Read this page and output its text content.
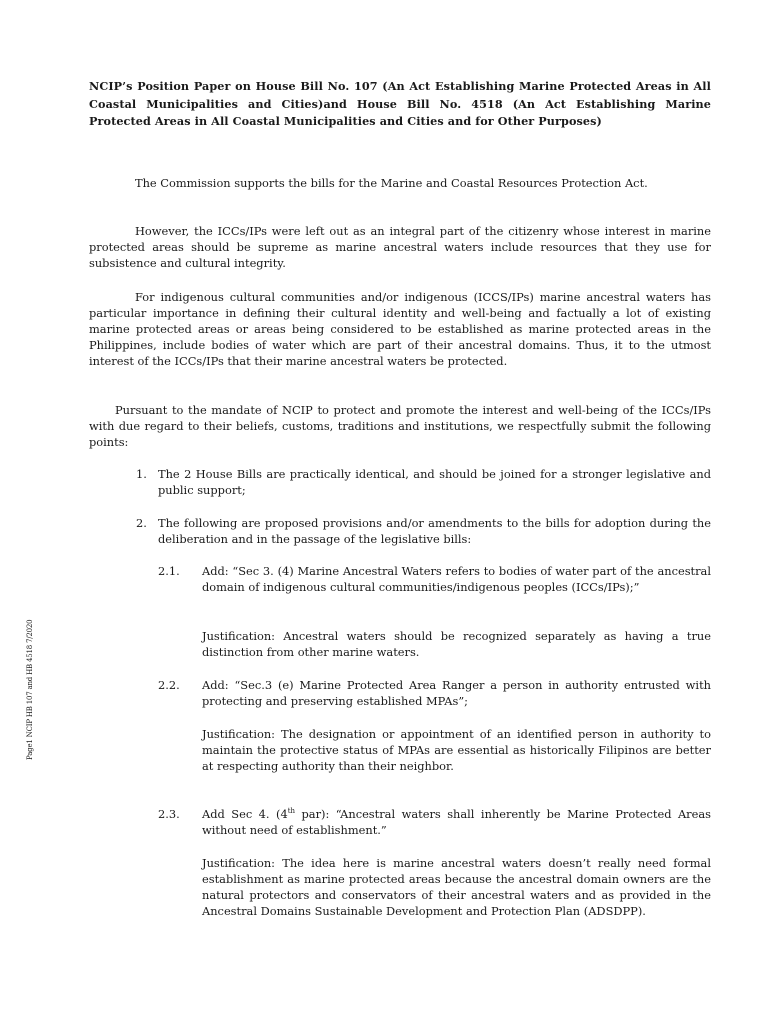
NCIP’s Position Paper on House Bill No. 107 (An Act Establishing Marine Protected Areas in All Coastal Municipalities and Cities)and House Bill No. 4518 (An Act Establishing Marine Protected Areas in All Coastal Municipalities and Cities and for Other Purposes)

The Commission supports the bills for the Marine and Coastal Resources Protection Act.

However, the ICCs/IPs were left out as an integral part of the citizenry whose interest in marine protected areas should be supreme as marine ancestral waters include resources that they use for subsistence and cultural integrity.

For indigenous cultural communities and/or indigenous (ICCS/IPs) marine ancestral waters has particular importance in defining their cultural identity and well-being and factually a lot of existing marine protected areas or areas being considered to be established as marine protected areas in the Philippines, include bodies of water which are part of their ancestral domains. Thus, it to the utmost interest of the ICCs/IPs that their marine ancestral waters be protected.

Pursuant to the mandate of NCIP to protect and promote the interest and well-being of the ICCs/IPs with due regard to their beliefs, customs, traditions and institutions, we respectfully submit the following points:

1. The 2 House Bills are practically identical, and should be joined for a stronger legislative and public support;
2. The following are proposed provisions and/or amendments to the bills for adoption during the deliberation and in the passage of the legislative bills:
2.1. Add: “Sec 3. (4) Marine Ancestral Waters refers to bodies of water part of the ancestral domain of indigenous cultural communities/indigenous peoples (ICCs/IPs);”

Justification: Ancestral waters should be recognized separately as having a true distinction from other marine waters.

2.2. Add: “Sec.3 (e) Marine Protected Area Ranger a person in authority entrusted with protecting and preserving established MPAs”;

Justification: The designation or appointment of an identified person in authority to maintain the protective status of MPAs are essential as historically Filipinos are better at respecting authority than their neighbor.

2.3. Add Sec 4. (4th par): “Ancestral waters shall inherently be Marine Protected Areas without need of establishment.”

Justification: The idea here is marine ancestral waters doesn’t really need formal establishment as marine protected areas because the ancestral domain owners are the natural protectors and conservators of their ancestral waters and as provided in the Ancestral Domains Sustainable Development and Protection Plan (ADSDPP).

Page1 NCIP HB 107 and HB 4518 7/2020
